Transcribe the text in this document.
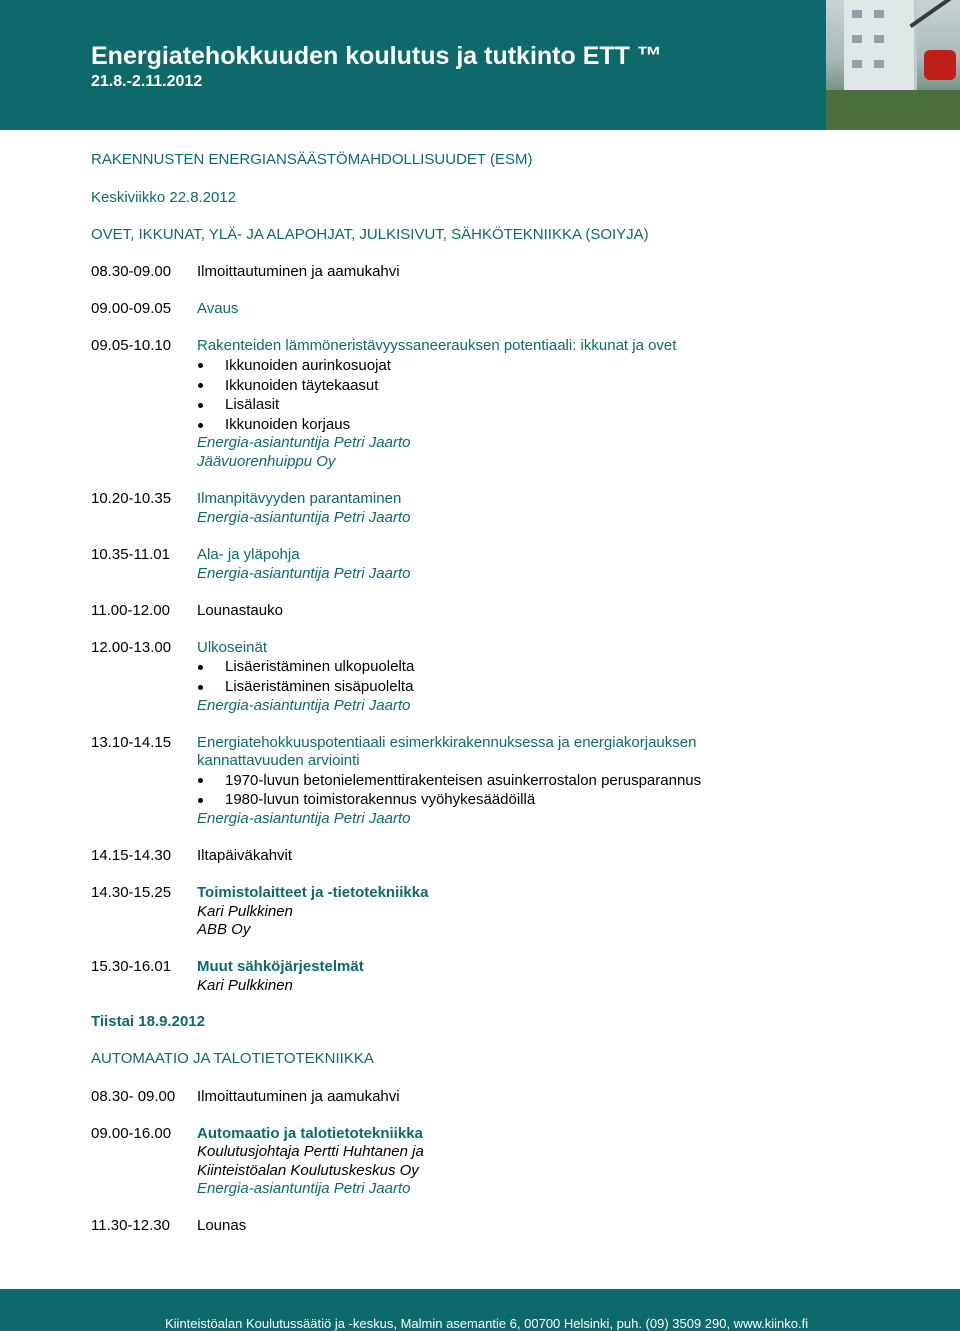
Energiatehokkuuden koulutus ja tutkinto ETT ™
21.8.-2.11.2012
RAKENNUSTEN ENERGIANSÄÄSTÖMAHDOLLISUUDET (ESM)
Keskiviikko 22.8.2012
OVET, IKKUNAT, YLÄ- JA ALAPOHJAT, JULKISIVUT, SÄHKÖTEKNIIKKA (SOIYJA)
08.30-09.00 Ilmoittautuminen ja aamukahvi
09.00-09.05 Avaus
09.05-10.10 Rakenteiden lämmöneristävyyssaneerauksen potentiaali: ikkunat ja ovet
Ikkunoiden aurinkosuojat
Ikkunoiden täytekaasut
Lisälasit
Ikkunoiden korjaus
Energia-asiantuntija Petri Jaarto
Jäävuorenhuippu Oy
10.20-10.35 Ilmanpitävyyden parantaminen
Energia-asiantuntija Petri Jaarto
10.35-11.01 Ala- ja yläpohja
Energia-asiantuntija Petri Jaarto
11.00-12.00 Lounastauko
12.00-13.00 Ulkoseinät
Lisäeristäminen ulkopuolelta
Lisäeristäminen sisäpuolelta
Energia-asiantuntija Petri Jaarto
13.10-14.15 Energiatehokkuuspotentiaali esimerkkirakennuksessa ja energiakorjauksen
kannattavuuden arviointi
1970-luvun betonielementtirakenteisen asuinkerrostalon perusparannus
1980-luvun toimistorakennus vyöhykesäädöillä
Energia-asiantuntija Petri Jaarto
14.15-14.30 Iltapäiväkahvit
14.30-15.25 Toimistolaitteet ja -tietotekniikka
Kari Pulkkinen
ABB Oy
15.30-16.01 Muut sähköjärjestelmät
Kari Pulkkinen
Tiistai 18.9.2012
AUTOMAATIO JA TALOTIETOTEKNIIKKA
08.30- 09.00 Ilmoittautuminen ja aamukahvi
09.00-16.00 Automaatio ja talotietotekniikka
Koulutusjohtaja Pertti Huhtanen ja
Kiinteistöalan Koulutuskeskus Oy
Energia-asiantuntija Petri Jaarto
11.30-12.30 Lounas
Kiinteistöalan Koulutussäätiö ja -keskus, Malmin asemantie 6, 00700 Helsinki, puh. (09) 3509 290, www.kiinko.fi
